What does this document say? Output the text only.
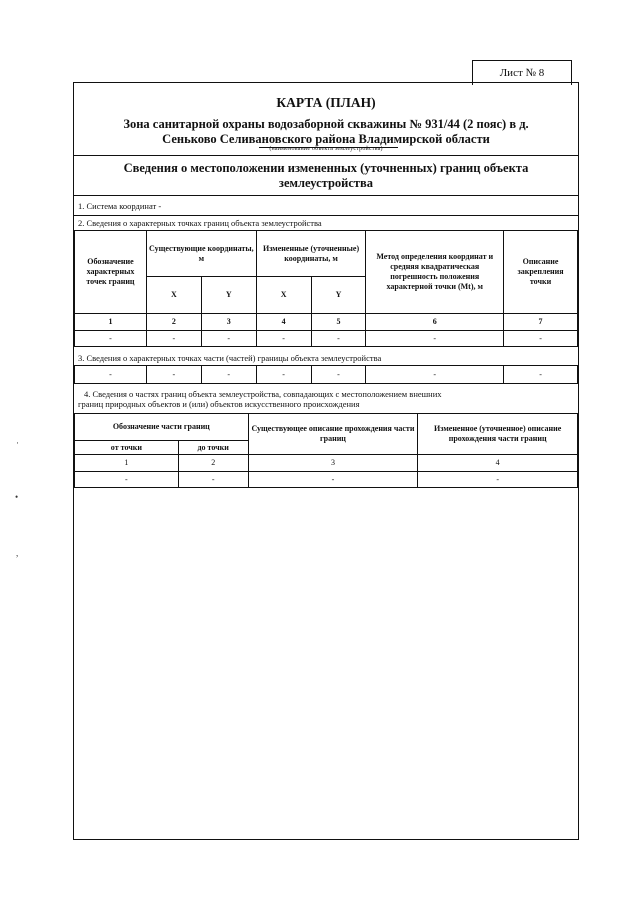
Лист № 8
КАРТА (ПЛАН)
Зона санитарной охраны водозаборной скважины № 931/44 (2 пояс) в д.
Сеньково Селивановского района Владимирской области
(наименование объекта землеустройства)
Сведения о местоположении измененных (уточненных) границ объекта
землеустройства
1. Система координат -
2. Сведения о характерных точках границ объекта землеустройства
Обозначение характерных точек границ	Существующие координаты, м		Измененные (уточненные) координаты, м		Метод определения координат и средняя квадратическая погрешность положения характерной точки (Mt), м	Описание закрепления точки
	X	Y	X	Y		
1	2	3	4	5	6	7
-	-	-	-	-	-	-
3. Сведения о характерных точках части (частей) границы объекта землеустройства
-	-	-	-	-	-	-
4. Сведения о частях границ объекта землеустройства, совпадающих с местоположением внешних
границ природных объектов и (или) объектов искусственного происхождения
Обозначение части границ		Существующее описание прохождения части границ	Измененное (уточненное) описание прохождения части границ
от точки	до точки		
1	2	3	4
-	-	-	-
·
•
,
